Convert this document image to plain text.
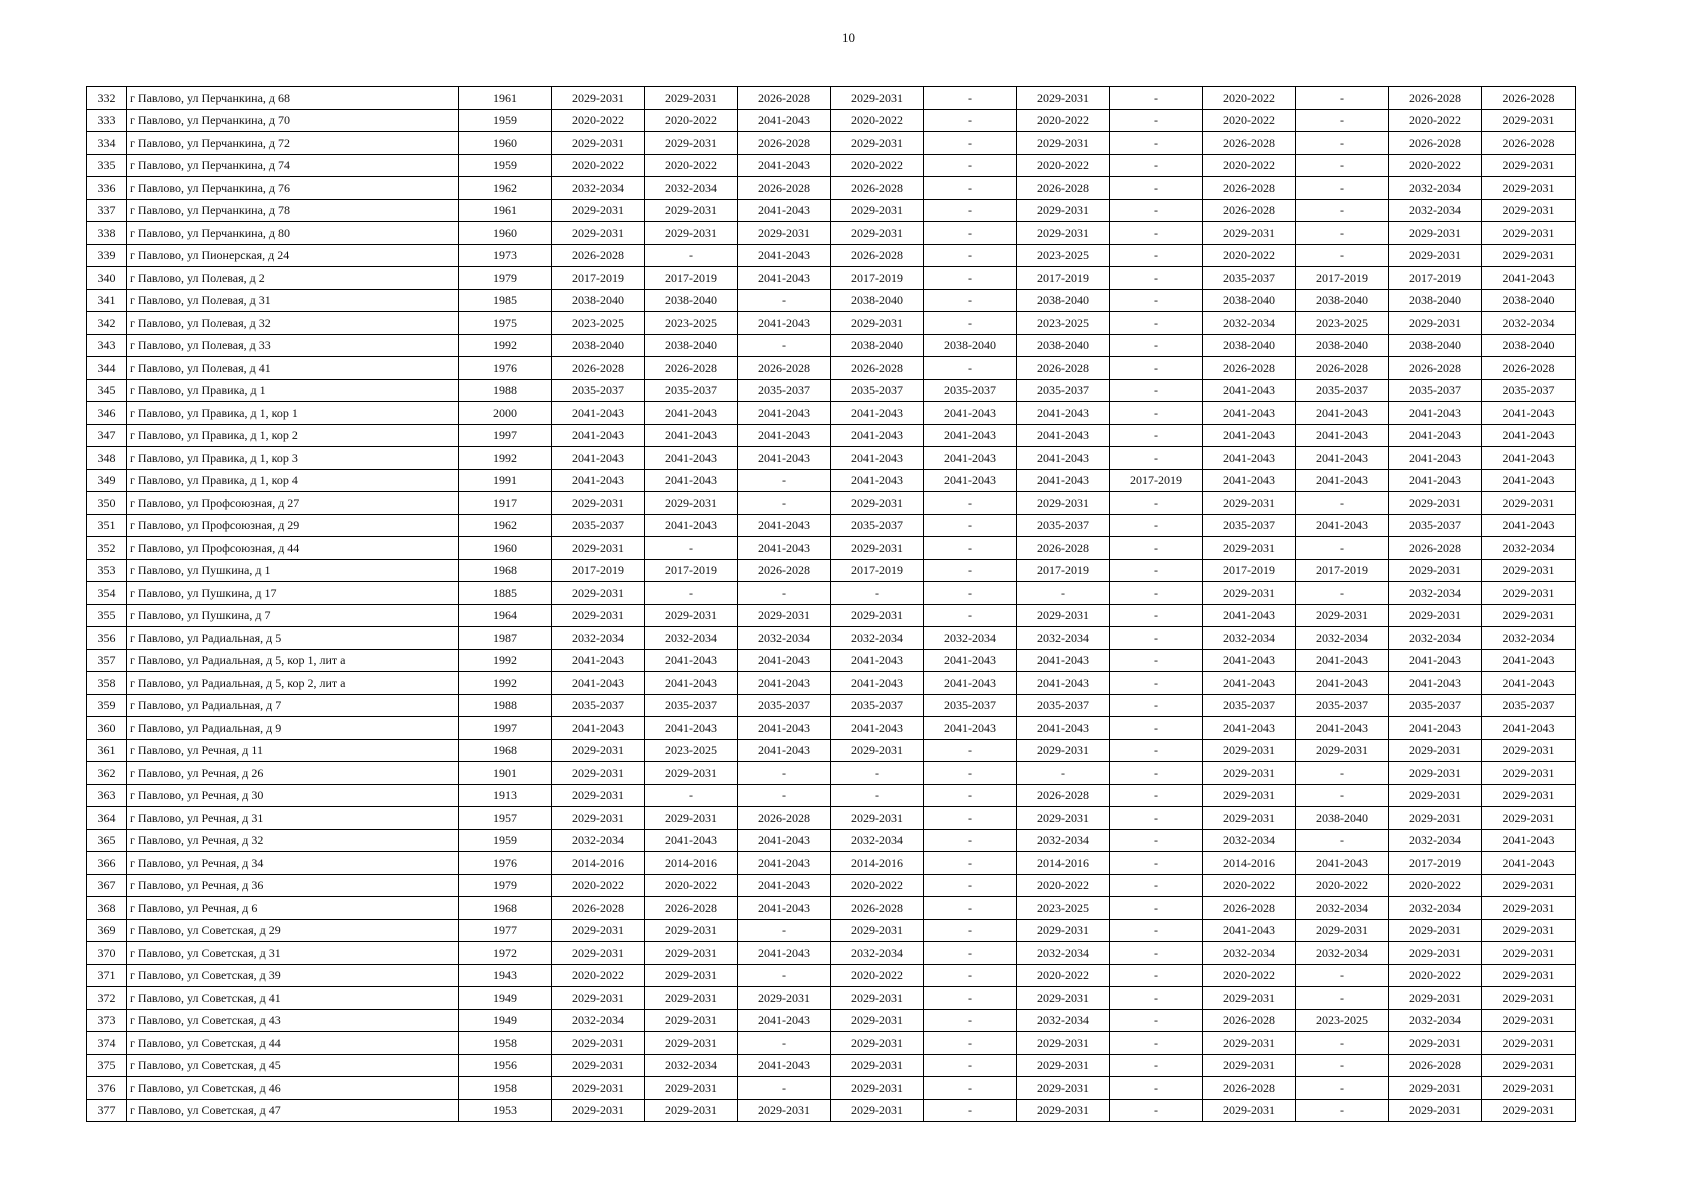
10
332	г Павлово, ул Перчанкина, д 68	1961	2029-2031	2029-2031	2026-2028	2029-2031	-	2029-2031	-	2020-2022	-	2026-2028	2026-2028
333	г Павлово, ул Перчанкина, д 70	1959	2020-2022	2020-2022	2041-2043	2020-2022	-	2020-2022	-	2020-2022	-	2020-2022	2029-2031
334	г Павлово, ул Перчанкина, д 72	1960	2029-2031	2029-2031	2026-2028	2029-2031	-	2029-2031	-	2026-2028	-	2026-2028	2026-2028
335	г Павлово, ул Перчанкина, д 74	1959	2020-2022	2020-2022	2041-2043	2020-2022	-	2020-2022	-	2020-2022	-	2020-2022	2029-2031
336	г Павлово, ул Перчанкина, д 76	1962	2032-2034	2032-2034	2026-2028	2026-2028	-	2026-2028	-	2026-2028	-	2032-2034	2029-2031
337	г Павлово, ул Перчанкина, д 78	1961	2029-2031	2029-2031	2041-2043	2029-2031	-	2029-2031	-	2026-2028	-	2032-2034	2029-2031
338	г Павлово, ул Перчанкина, д 80	1960	2029-2031	2029-2031	2029-2031	2029-2031	-	2029-2031	-	2029-2031	-	2029-2031	2029-2031
339	г Павлово, ул Пионерская, д 24	1973	2026-2028	-	2041-2043	2026-2028	-	2023-2025	-	2020-2022	-	2029-2031	2029-2031
340	г Павлово, ул Полевая, д 2	1979	2017-2019	2017-2019	2041-2043	2017-2019	-	2017-2019	-	2035-2037	2017-2019	2017-2019	2041-2043
341	г Павлово, ул Полевая, д 31	1985	2038-2040	2038-2040	-	2038-2040	-	2038-2040	-	2038-2040	2038-2040	2038-2040	2038-2040
342	г Павлово, ул Полевая, д 32	1975	2023-2025	2023-2025	2041-2043	2029-2031	-	2023-2025	-	2032-2034	2023-2025	2029-2031	2032-2034
343	г Павлово, ул Полевая, д 33	1992	2038-2040	2038-2040	-	2038-2040	2038-2040	2038-2040	-	2038-2040	2038-2040	2038-2040	2038-2040
344	г Павлово, ул Полевая, д 41	1976	2026-2028	2026-2028	2026-2028	2026-2028	-	2026-2028	-	2026-2028	2026-2028	2026-2028	2026-2028
345	г Павлово, ул Правика, д 1	1988	2035-2037	2035-2037	2035-2037	2035-2037	2035-2037	2035-2037	-	2041-2043	2035-2037	2035-2037	2035-2037
346	г Павлово, ул Правика, д 1, кор 1	2000	2041-2043	2041-2043	2041-2043	2041-2043	2041-2043	2041-2043	-	2041-2043	2041-2043	2041-2043	2041-2043
347	г Павлово, ул Правика, д 1, кор 2	1997	2041-2043	2041-2043	2041-2043	2041-2043	2041-2043	2041-2043	-	2041-2043	2041-2043	2041-2043	2041-2043
348	г Павлово, ул Правика, д 1, кор 3	1992	2041-2043	2041-2043	2041-2043	2041-2043	2041-2043	2041-2043	-	2041-2043	2041-2043	2041-2043	2041-2043
349	г Павлово, ул Правика, д 1, кор 4	1991	2041-2043	2041-2043	-	2041-2043	2041-2043	2041-2043	2017-2019	2041-2043	2041-2043	2041-2043	2041-2043
350	г Павлово, ул Профсоюзная, д 27	1917	2029-2031	2029-2031	-	2029-2031	-	2029-2031	-	2029-2031	-	2029-2031	2029-2031
351	г Павлово, ул Профсоюзная, д 29	1962	2035-2037	2041-2043	2041-2043	2035-2037	-	2035-2037	-	2035-2037	2041-2043	2035-2037	2041-2043
352	г Павлово, ул Профсоюзная, д 44	1960	2029-2031	-	2041-2043	2029-2031	-	2026-2028	-	2029-2031	-	2026-2028	2032-2034
353	г Павлово, ул Пушкина, д 1	1968	2017-2019	2017-2019	2026-2028	2017-2019	-	2017-2019	-	2017-2019	2017-2019	2029-2031	2029-2031
354	г Павлово, ул Пушкина, д 17	1885	2029-2031	-	-	-	-	-	-	2029-2031	-	2032-2034	2029-2031
355	г Павлово, ул Пушкина, д 7	1964	2029-2031	2029-2031	2029-2031	2029-2031	-	2029-2031	-	2041-2043	2029-2031	2029-2031	2029-2031
356	г Павлово, ул Радиальная, д 5	1987	2032-2034	2032-2034	2032-2034	2032-2034	2032-2034	2032-2034	-	2032-2034	2032-2034	2032-2034	2032-2034
357	г Павлово, ул Радиальная, д 5, кор 1, лит а	1992	2041-2043	2041-2043	2041-2043	2041-2043	2041-2043	2041-2043	-	2041-2043	2041-2043	2041-2043	2041-2043
358	г Павлово, ул Радиальная, д 5, кор 2, лит а	1992	2041-2043	2041-2043	2041-2043	2041-2043	2041-2043	2041-2043	-	2041-2043	2041-2043	2041-2043	2041-2043
359	г Павлово, ул Радиальная, д 7	1988	2035-2037	2035-2037	2035-2037	2035-2037	2035-2037	2035-2037	-	2035-2037	2035-2037	2035-2037	2035-2037
360	г Павлово, ул Радиальная, д 9	1997	2041-2043	2041-2043	2041-2043	2041-2043	2041-2043	2041-2043	-	2041-2043	2041-2043	2041-2043	2041-2043
361	г Павлово, ул Речная, д 11	1968	2029-2031	2023-2025	2041-2043	2029-2031	-	2029-2031	-	2029-2031	2029-2031	2029-2031	2029-2031
362	г Павлово, ул Речная, д 26	1901	2029-2031	2029-2031	-	-	-	-	-	2029-2031	-	2029-2031	2029-2031
363	г Павлово, ул Речная, д 30	1913	2029-2031	-	-	-	-	2026-2028	-	2029-2031	-	2029-2031	2029-2031
364	г Павлово, ул Речная, д 31	1957	2029-2031	2029-2031	2026-2028	2029-2031	-	2029-2031	-	2029-2031	2038-2040	2029-2031	2029-2031
365	г Павлово, ул Речная, д 32	1959	2032-2034	2041-2043	2041-2043	2032-2034	-	2032-2034	-	2032-2034	-	2032-2034	2041-2043
366	г Павлово, ул Речная, д 34	1976	2014-2016	2014-2016	2041-2043	2014-2016	-	2014-2016	-	2014-2016	2041-2043	2017-2019	2041-2043
367	г Павлово, ул Речная, д 36	1979	2020-2022	2020-2022	2041-2043	2020-2022	-	2020-2022	-	2020-2022	2020-2022	2020-2022	2029-2031
368	г Павлово, ул Речная, д 6	1968	2026-2028	2026-2028	2041-2043	2026-2028	-	2023-2025	-	2026-2028	2032-2034	2032-2034	2029-2031
369	г Павлово, ул Советская, д 29	1977	2029-2031	2029-2031	-	2029-2031	-	2029-2031	-	2041-2043	2029-2031	2029-2031	2029-2031
370	г Павлово, ул Советская, д 31	1972	2029-2031	2029-2031	2041-2043	2032-2034	-	2032-2034	-	2032-2034	2032-2034	2029-2031	2029-2031
371	г Павлово, ул Советская, д 39	1943	2020-2022	2029-2031	-	2020-2022	-	2020-2022	-	2020-2022	-	2020-2022	2029-2031
372	г Павлово, ул Советская, д 41	1949	2029-2031	2029-2031	2029-2031	2029-2031	-	2029-2031	-	2029-2031	-	2029-2031	2029-2031
373	г Павлово, ул Советская, д 43	1949	2032-2034	2029-2031	2041-2043	2029-2031	-	2032-2034	-	2026-2028	2023-2025	2032-2034	2029-2031
374	г Павлово, ул Советская, д 44	1958	2029-2031	2029-2031	-	2029-2031	-	2029-2031	-	2029-2031	-	2029-2031	2029-2031
375	г Павлово, ул Советская, д 45	1956	2029-2031	2032-2034	2041-2043	2029-2031	-	2029-2031	-	2029-2031	-	2026-2028	2029-2031
376	г Павлово, ул Советская, д 46	1958	2029-2031	2029-2031	-	2029-2031	-	2029-2031	-	2026-2028	-	2029-2031	2029-2031
377	г Павлово, ул Советская, д 47	1953	2029-2031	2029-2031	2029-2031	2029-2031	-	2029-2031	-	2029-2031	-	2029-2031	2029-2031
